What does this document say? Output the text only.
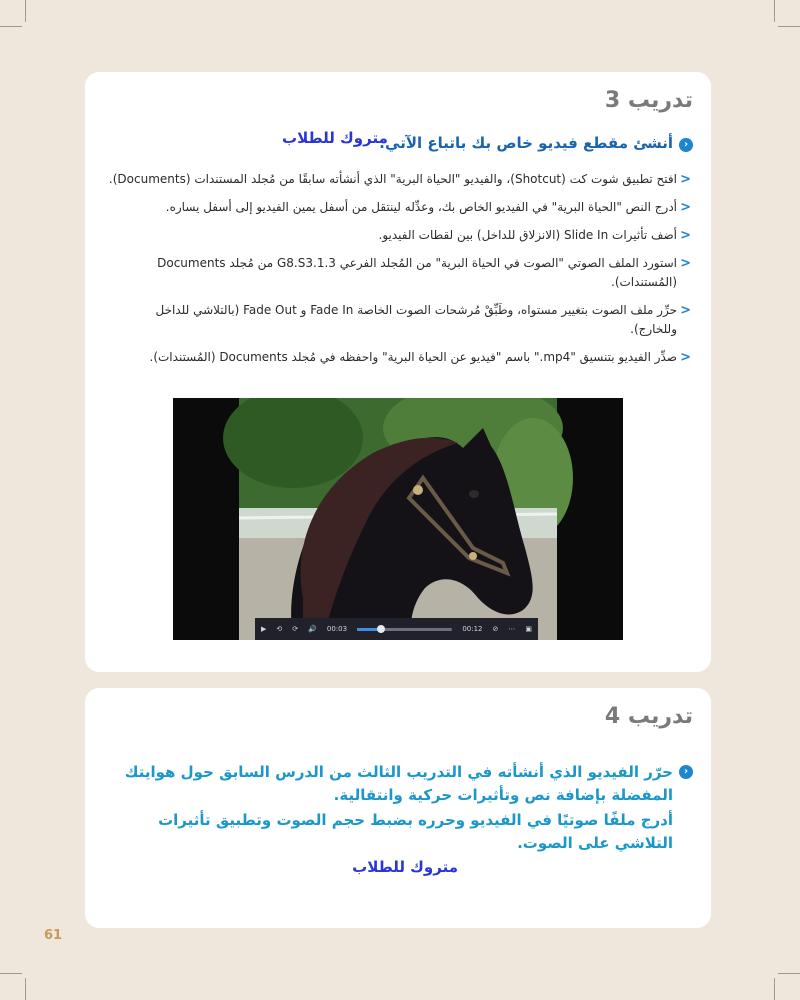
تدريب 3
‹
أنشئ مقطع فيديو خاص بك باتباع الآتي:
متروك للطلاب
<
افتح تطبيق شوت كت (Shotcut)، والفيديو "الحياة البرية" الذي أنشأته سابقًا من مُجلد المستندات (Documents).
<
أدرج النص "الحياة البرية" في الفيديو الخاص بك، وعدِّله لينتقل من أسفل يمين الفيديو إلى أسفل يساره.
<
أضف تأثيرات Slide In (الانزلاق للداخل) بين لقطات الفيديو.
<
استورد الملف الصوتي "الصوت في الحياة البرية" من المُجلد الفرعي G8.S3.1.3 من مُجلد Documents (المُستندات).
<
حرِّر ملف الصوت بتغيير مستواه، وطَبِّقْ مُرشحات الصوت الخاصة Fade In و Fade Out (بالتلاشي للداخل وللخارج).
<
صدِّر الفيديو بتنسيق "mp4." باسم "فيديو عن الحياة البرية" واحفظه في مُجلد Documents (المُستندات).
▶ ⟲ ⟳ 🔊 00:03	00:12 ⊘ ⋯ ▣
تدريب 4
‹
حرّر الفيديو الذي أنشأته في التدريب الثالث من الدرس السابق حول هوايتك المفضلة بإضافة نص وتأثيرات حركية وانتقالية.
أدرج ملفًا صوتيًا في الفيديو وحرره بضبط حجم الصوت وتطبيق تأثيرات التلاشي على الصوت.
متروك للطلاب
61
